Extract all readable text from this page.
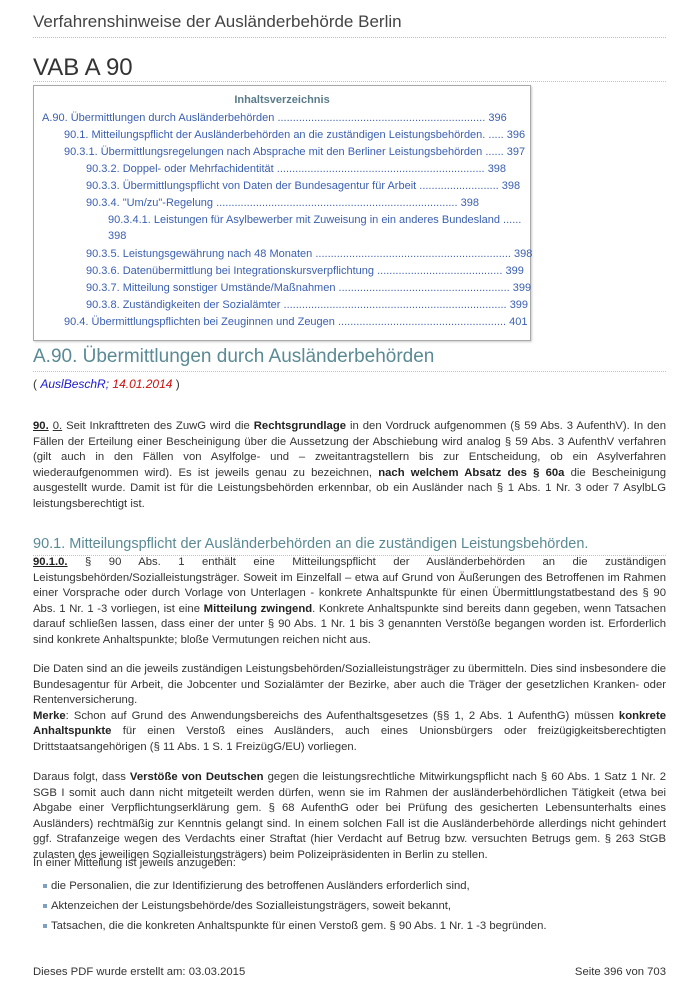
Verfahrenshinweise der Ausländerbehörde Berlin
VAB A 90
Inhaltsverzeichnis
A.90. Übermittlungen durch Ausländerbehörden .................................................................... 396
90.1. Mitteilungspflicht der Ausländerbehörden an die zuständigen Leistungsbehörden. ..... 396
90.3.1. Übermittlungsregelungen nach Absprache mit den Berliner Leistungsbehörden ...... 397
90.3.2. Doppel- oder Mehrfachidentität .................................................................... 398
90.3.3. Übermittlungspflicht von Daten der Bundesagentur für Arbeit .......................... 398
90.3.4. "Um/zu"-Regelung ............................................................................... 398
90.3.4.1. Leistungen für Asylbewerber mit Zuweisung in ein anderes Bundesland ......
398
90.3.5. Leistungsgewährung nach 48 Monaten ................................................................ 398
90.3.6. Datenübermittlung bei Integrationskursverpflichtung ......................................... 399
90.3.7. Mitteilung sonstiger Umstände/Maßnahmen ........................................................ 399
90.3.8. Zuständigkeiten der Sozialämter ......................................................................... 399
90.4. Übermittlungspflichten bei Zeuginnen und Zeugen ....................................................... 401
A.90. Übermittlungen durch Ausländerbehörden
( AuslBeschR; 14.01.2014 )
90. 0. Seit Inkrafttreten des ZuwG wird die Rechtsgrundlage in den Vordruck aufgenommen (§ 59 Abs. 3 AufenthV). In den Fällen der Erteilung einer Bescheinigung über die Aussetzung der Abschiebung wird analog § 59 Abs. 3 AufenthV verfahren (gilt auch in den Fällen von Asylfolge- und – zweitantragstellern bis zur Entscheidung, ob ein Asylverfahren wiederaufgenommen wird). Es ist jeweils genau zu bezeichnen, nach welchem Absatz des § 60a die Bescheinigung ausgestellt wurde. Damit ist für die Leistungsbehörden erkennbar, ob ein Ausländer nach § 1 Abs. 1 Nr. 3 oder 7 AsylbLG leistungsberechtigt ist.
90.1. Mitteilungspflicht der Ausländerbehörden an die zuständigen Leistungsbehörden.
90.1.0. § 90 Abs. 1 enthält eine Mitteilungspflicht der Ausländerbehörden an die zuständigen Leistungsbehörden/Sozialleistungsträger. Soweit im Einzelfall – etwa auf Grund von Äußerungen des Betroffenen im Rahmen einer Vorsprache oder durch Vorlage von Unterlagen - konkrete Anhaltspunkte für einen Übermittlungstatbestand des § 90 Abs. 1 Nr. 1 -3 vorliegen, ist eine Mitteilung zwingend. Konkrete Anhaltspunkte sind bereits dann gegeben, wenn Tatsachen darauf schließen lassen, dass einer der unter § 90 Abs. 1 Nr. 1 bis 3 genannten Verstöße begangen worden ist. Erforderlich sind konkrete Anhaltspunkte; bloße Vermutungen reichen nicht aus.
Die Daten sind an die jeweils zuständigen Leistungsbehörden/Sozialleistungsträger zu übermitteln. Dies sind insbesondere die Bundesagentur für Arbeit, die Jobcenter und Sozialämter der Bezirke, aber auch die Träger der gesetzlichen Kranken- oder Rentenversicherung.
Merke: Schon auf Grund des Anwendungsbereichs des Aufenthaltsgesetzes (§§ 1, 2 Abs. 1 AufenthG) müssen konkrete Anhaltspunkte für einen Verstoß eines Ausländers, auch eines Unionsbürgers oder freizügigkeitsberechtigten Drittstaatsangehörigen (§ 11 Abs. 1 S. 1 FreizügG/EU) vorliegen.
Daraus folgt, dass Verstöße von Deutschen gegen die leistungsrechtliche Mitwirkungspflicht nach § 60 Abs. 1 Satz 1 Nr. 2 SGB I somit auch dann nicht mitgeteilt werden dürfen, wenn sie im Rahmen der ausländerbehördlichen Tätigkeit (etwa bei Abgabe einer Verpflichtungserklärung gem. § 68 AufenthG oder bei Prüfung des gesicherten Lebensunterhalts eines Ausländers) rechtmäßig zur Kenntnis gelangt sind. In einem solchen Fall ist die Ausländerbehörde allerdings nicht gehindert ggf. Strafanzeige wegen des Verdachts einer Straftat (hier Verdacht auf Betrug bzw. versuchten Betrugs gem. § 263 StGB zulasten des jeweiligen Sozialleistungsträgers) beim Polizeipräsidenten in Berlin zu stellen.
In einer Mitteilung ist jeweils anzugeben:
die Personalien, die zur Identifizierung des betroffenen Ausländers erforderlich sind,
Aktenzeichen der Leistungsbehörde/des Sozialleistungsträgers, soweit bekannt,
Tatsachen, die die konkreten Anhaltspunkte für einen Verstoß gem. § 90 Abs. 1 Nr. 1 -3 begründen.
Dieses PDF wurde erstellt am: 03.03.2015	Seite 396 von 703
